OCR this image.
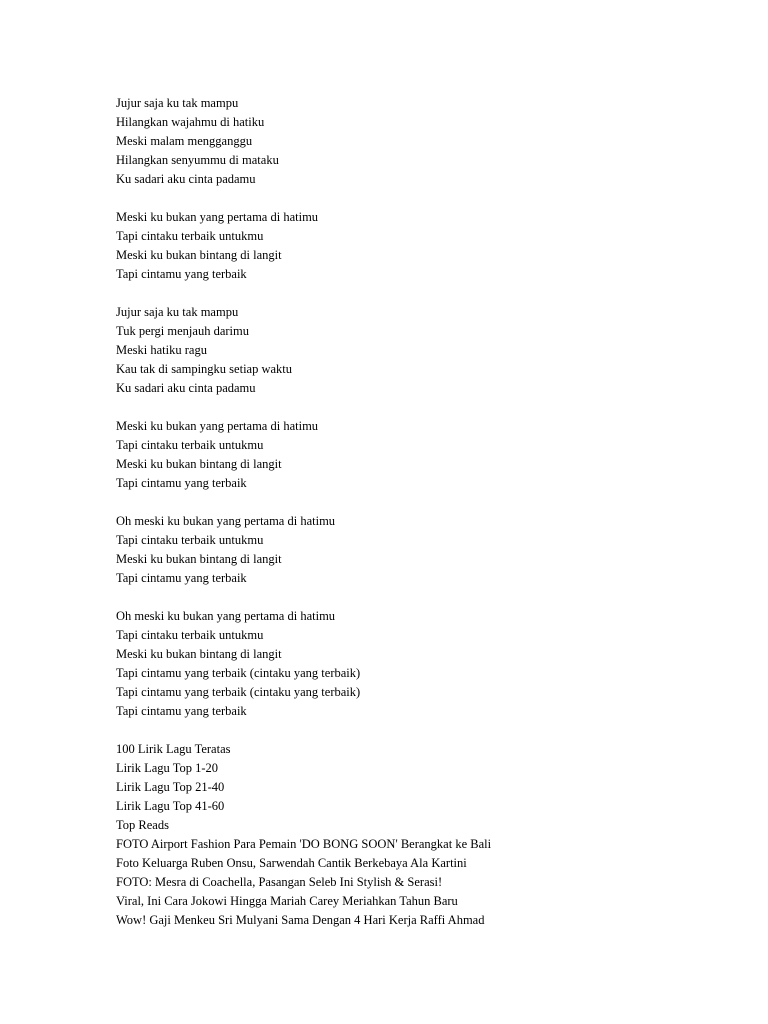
Jujur saja ku tak mampu
Hilangkan wajahmu di hatiku
Meski malam mengganggu
Hilangkan senyummu di mataku
Ku sadari aku cinta padamu
Meski ku bukan yang pertama di hatimu
Tapi cintaku terbaik untukmu
Meski ku bukan bintang di langit
Tapi cintamu yang terbaik
Jujur saja ku tak mampu
Tuk pergi menjauh darimu
Meski hatiku ragu
Kau tak di sampingku setiap waktu
Ku sadari aku cinta padamu
Meski ku bukan yang pertama di hatimu
Tapi cintaku terbaik untukmu
Meski ku bukan bintang di langit
Tapi cintamu yang terbaik
Oh meski ku bukan yang pertama di hatimu
Tapi cintaku terbaik untukmu
Meski ku bukan bintang di langit
Tapi cintamu yang terbaik
Oh meski ku bukan yang pertama di hatimu
Tapi cintaku terbaik untukmu
Meski ku bukan bintang di langit
Tapi cintamu yang terbaik (cintaku yang terbaik)
Tapi cintamu yang terbaik (cintaku yang terbaik)
Tapi cintamu yang terbaik
100 Lirik Lagu Teratas
Lirik Lagu Top 1-20
Lirik Lagu Top 21-40
Lirik Lagu Top 41-60
Top Reads
FOTO Airport Fashion Para Pemain 'DO BONG SOON' Berangkat ke Bali
Foto Keluarga Ruben Onsu, Sarwendah Cantik Berkebaya Ala Kartini
FOTO: Mesra di Coachella, Pasangan Seleb Ini Stylish & Serasi!
Viral, Ini Cara Jokowi Hingga Mariah Carey Meriahkan Tahun Baru
Wow! Gaji Menkeu Sri Mulyani Sama Dengan 4 Hari Kerja Raffi Ahmad
